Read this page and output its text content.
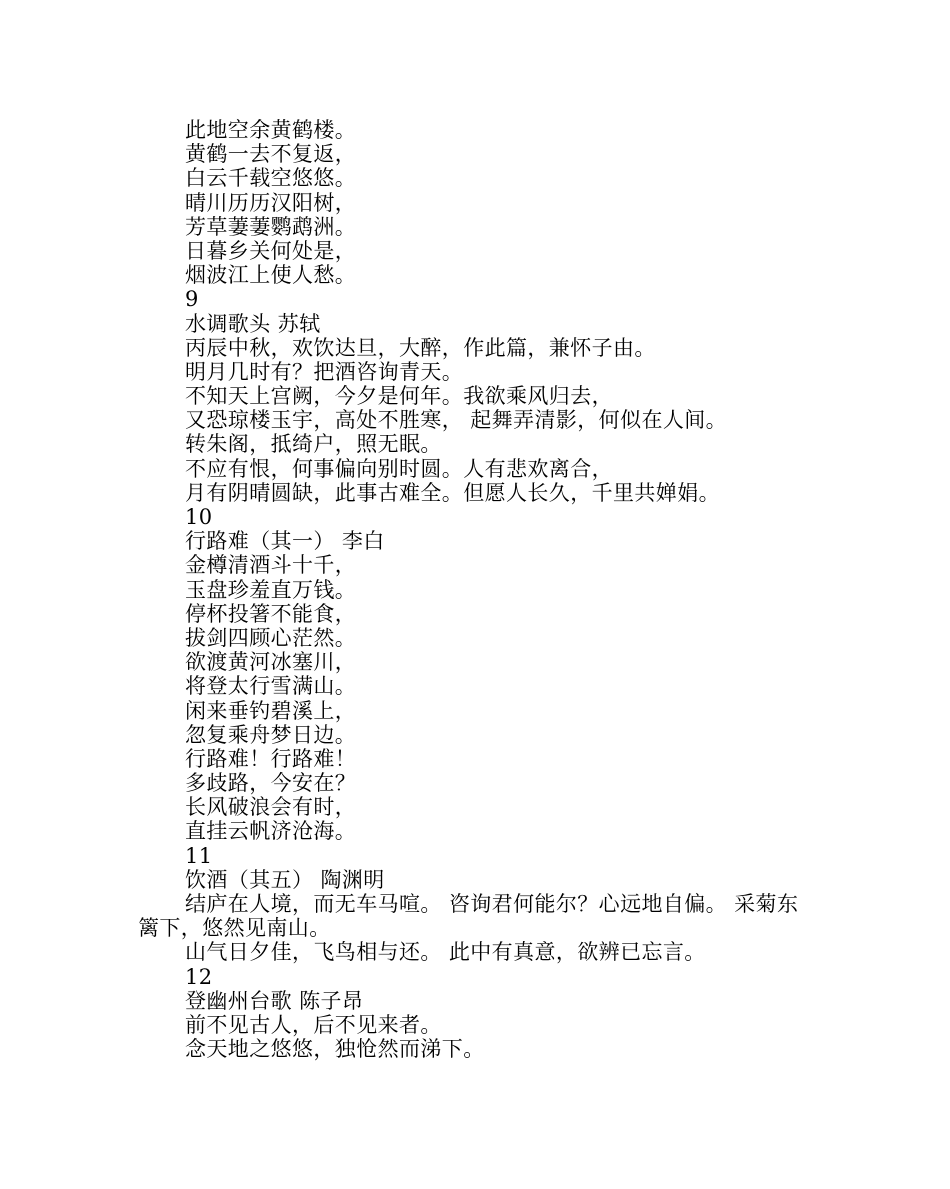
此地空余黄鹤楼。
黄鹤一去不复返，
白云千载空悠悠。
晴川历历汉阳树，
芳草萋萋鹦鹉洲。
日暮乡关何处是，
烟波江上使人愁。
9
水调歌头 苏轼
丙辰中秋，欢饮达旦，大醉，作此篇，兼怀子由。
明月几时有？把酒咨询青天。
不知天上宫阙，今夕是何年。我欲乘风归去，
又恐琼楼玉宇，高处不胜寒， 起舞弄清影，何似在人间。
转朱阁，抵绮户，照无眠。
不应有恨，何事偏向别时圆。人有悲欢离合，
月有阴晴圆缺，此事古难全。但愿人长久，千里共婵娟。
10
行路难（其一） 李白
金樽清酒斗十千，
玉盘珍羞直万钱。
停杯投箸不能食，
拔剑四顾心茫然。
欲渡黄河冰塞川，
将登太行雪满山。
闲来垂钓碧溪上，
忽复乘舟梦日边。
行路难！行路难！
多歧路，今安在？
长风破浪会有时，
直挂云帆济沧海。
11
饮酒（其五） 陶渊明
结庐在人境，而无车马喧。 咨询君何能尔？心远地自偏。 采菊东篱下，悠然见南山。
山气日夕佳，飞鸟相与还。 此中有真意，欲辨已忘言。
12
登幽州台歌 陈子昂
前不见古人，后不见来者。
念天地之悠悠，独怆然而涕下。
